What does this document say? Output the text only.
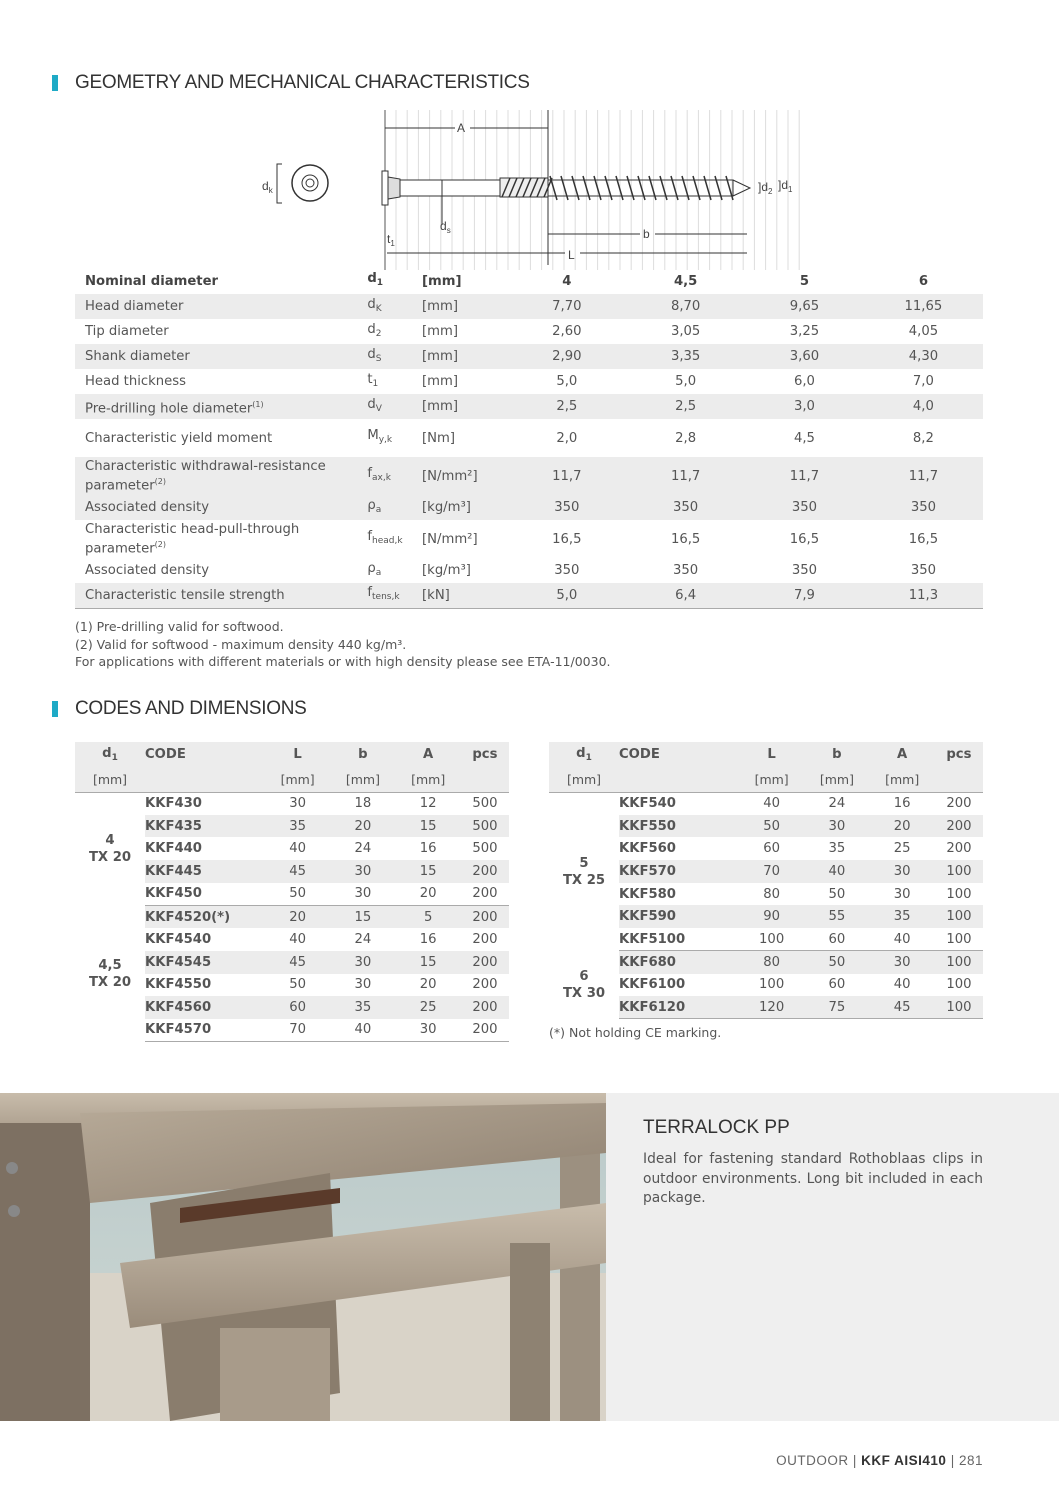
GEOMETRY AND MECHANICAL CHARACTERISTICS
A
]$d_2$ ]$d_1$
$d_s$
$t_1$
b
L
$d_k$
Nominal diameter	$d_1$	[mm]	4	4,5	5	6
Head diameter	$d_K$	[mm]	7,70	8,70	9,65	11,65
Tip diameter	$d_2$	[mm]	2,60	3,05	3,25	4,05
Shank diameter	$d_S$	[mm]	2,90	3,35	3,60	4,30
Head thickness	$t_1$	[mm]	5,0	5,0	6,0	7,0
Pre-drilling hole diameter$^{(1)}$	$d_V$	[mm]	2,5	2,5	3,0	4,0
Characteristic yield moment	$M_{y,k}$	[Nm]	2,0	2,8	4,5	8,2
Characteristic withdrawal-resistance parameter$^{(2)}$	$f_{ax,k}$	[N/mm²]	11,7	11,7	11,7	11,7
Associated density	$\rho_a$	[kg/m³]	350	350	350	350
Characteristic head-pull-through parameter$^{(2)}$	$f_{head,k}$	[N/mm²]	16,5	16,5	16,5	16,5
Associated density	$\rho_a$	[kg/m³]	350	350	350	350
Characteristic tensile strength	$f_{tens,k}$	[kN]	5,0	6,4	7,9	11,3
(1) Pre-drilling valid for softwood.
(2) Valid for softwood - maximum density 440 kg/m³.
For applications with different materials or with high density please see ETA-11/0030.
CODES AND DIMENSIONS
$d_1$	CODE	L	b	A	pcs
[mm]		[mm]	[mm]	[mm]	

4
TX 20	KKF430	30	18	12	500
	KKF435	35	20	15	500
	KKF440	40	24	16	500
	KKF445	45	30	15	200
	KKF450	50	30	20	200

4,5
TX 20	KKF4520(*)	20	15	5	200
	KKF4540	40	24	16	200
	KKF4545	45	30	15	200
	KKF4550	50	30	20	200
	KKF4560	60	35	25	200
	KKF4570	70	40	30	200
$d_1$	CODE	L	b	A	pcs
[mm]		[mm]	[mm]	[mm]	

5
TX 25	KKF540	40	24	16	200
	KKF550	50	30	20	200
	KKF560	60	35	25	200
	KKF570	70	40	30	100
	KKF580	80	50	30	100
	KKF590	90	55	35	100
	KKF5100	100	60	40	100

6
TX 30	KKF680	80	50	30	100
	KKF6100	100	60	40	100
	KKF6120	120	75	45	100
(*) Not holding CE marking.
TERRALOCK PP
Ideal for fastening standard Rothoblaas clips in outdoor environments. Long bit included in each package.
OUTDOOR | KKF AISI410 | 281
